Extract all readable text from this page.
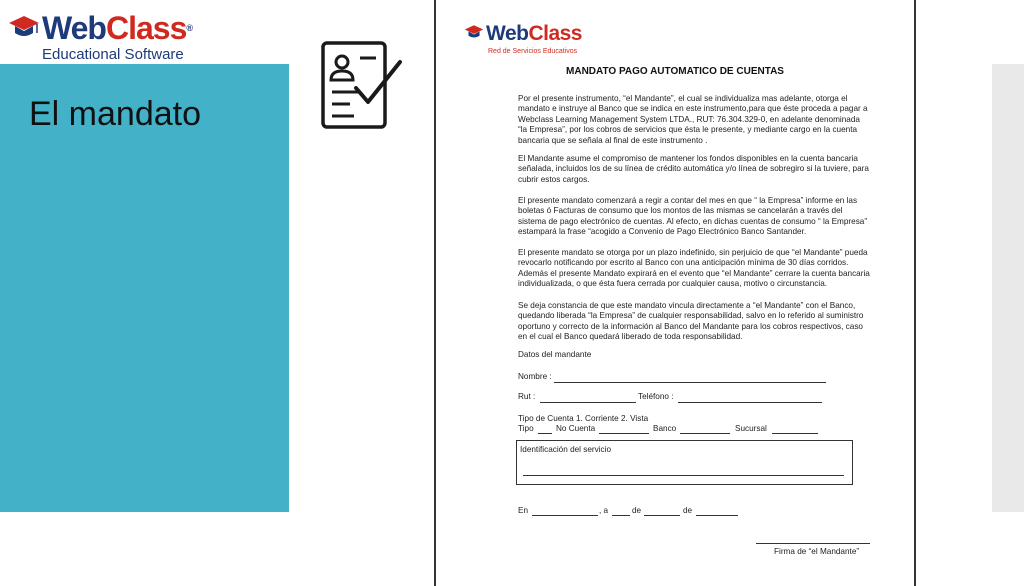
WebClass®
Educational Software
El mandato
WebClass
Red de Servicios Educativos
MANDATO PAGO AUTOMATICO DE CUENTAS

Por el presente instrumento, “el Mandante”, el cual se individualiza mas adelante, otorga el mandato e instruye al Banco que se indica en este instrumento,para que éste proceda a pagar a Webclass Learning Management System LTDA., RUT: 76.304.329-0, en adelante denominada “la Empresa”, por los cobros de servicios que ésta le presente, y mediante cargo en la cuenta bancaria que se señala al final de este instrumento .

El Mandante asume el compromiso de mantener los fondos disponibles en la cuenta bancaria señalada, incluidos los de su línea de crédito automática y/o línea de sobregiro si la tuviere, para cubrir estos cargos.

El presente mandato comenzará a regir a contar del mes en que “ la Empresa” informe en las boletas ó Facturas de consumo que los montos de las mismas se cancelarán a través del sistema de pago electrónico de cuentas. Al efecto, en dichas cuentas de consumo “ la Empresa” estampará la frase “acogido a Convenio de Pago Electrónico Banco Santander.

El presente mandato se otorga por un plazo indefinido, sin perjuicio de que “el Mandante” pueda revocarlo notificando por escrito al Banco con una anticipación mínima de 30 días corridos. Además el presente Mandato expirará en el evento que “el Mandante” cerrare la cuenta bancaria individualizada, o que ésta fuera cerrada por cualquier causa, motivo o circunstancia.

Se deja constancia de que este mandato vincula directamente a “el Mandante” con el Banco, quedando liberada “la Empresa” de cualquier responsabilidad, salvo en lo referido al suministro oportuno y correcto de la información al Banco del Mandante para los cobros respectivos, caso en el cual el Banco quedará liberado de toda responsabilidad.

Datos del mandante
Nombre :
Rut :	Teléfono :
Tipo de Cuenta 1. Corriente 2. Vista
Tipo	No Cuenta	Banco	Sucursal
Identificación del servicio
En	, a	de	de
Firma de “el Mandante”
